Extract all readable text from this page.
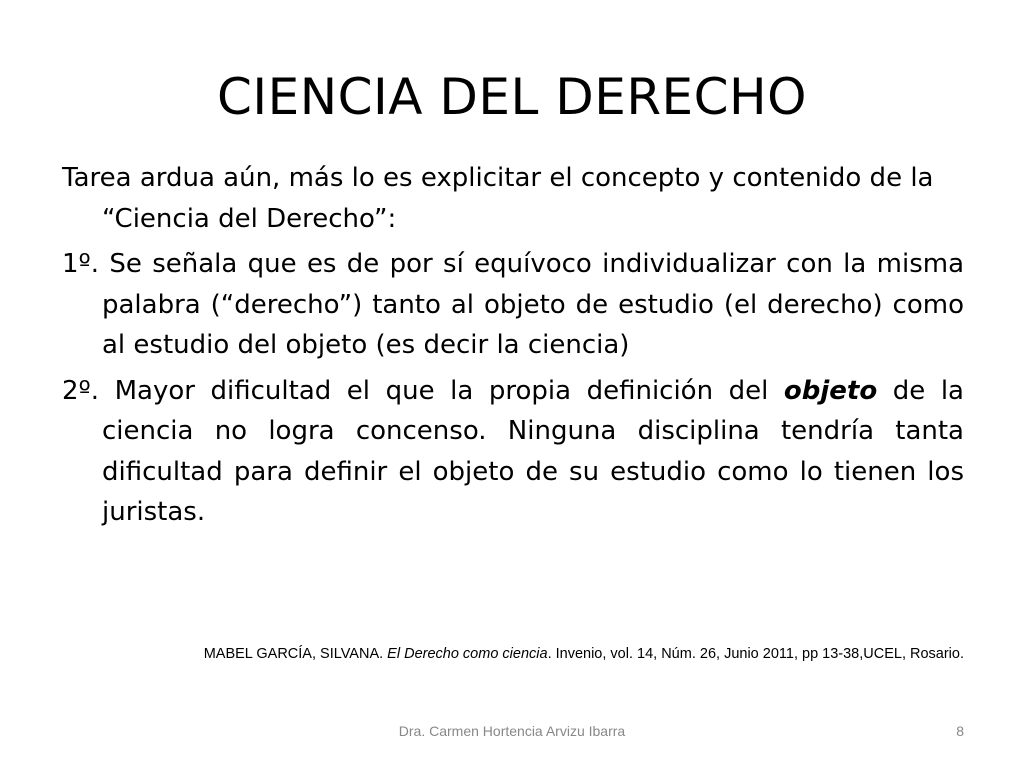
CIENCIA DEL DERECHO

Tarea ardua aún, más lo es explicitar el concepto y contenido de la “Ciencia del Derecho”:

1º. Se señala que es de por sí equívoco individualizar con la misma palabra (“derecho”) tanto al objeto de estudio (el derecho) como al estudio del objeto (es decir la ciencia)

2º. Mayor dificultad el que la propia definición del objeto de la ciencia no logra concenso. Ninguna disciplina tendría tanta dificultad para definir el objeto de su estudio como lo tienen los juristas.

MABEL GARCÍA, SILVANA. El Derecho como ciencia. Invenio, vol. 14, Núm. 26, Junio 2011, pp 13-38,UCEL, Rosario.
Dra. Carmen Hortencia Arvizu Ibarra	8
